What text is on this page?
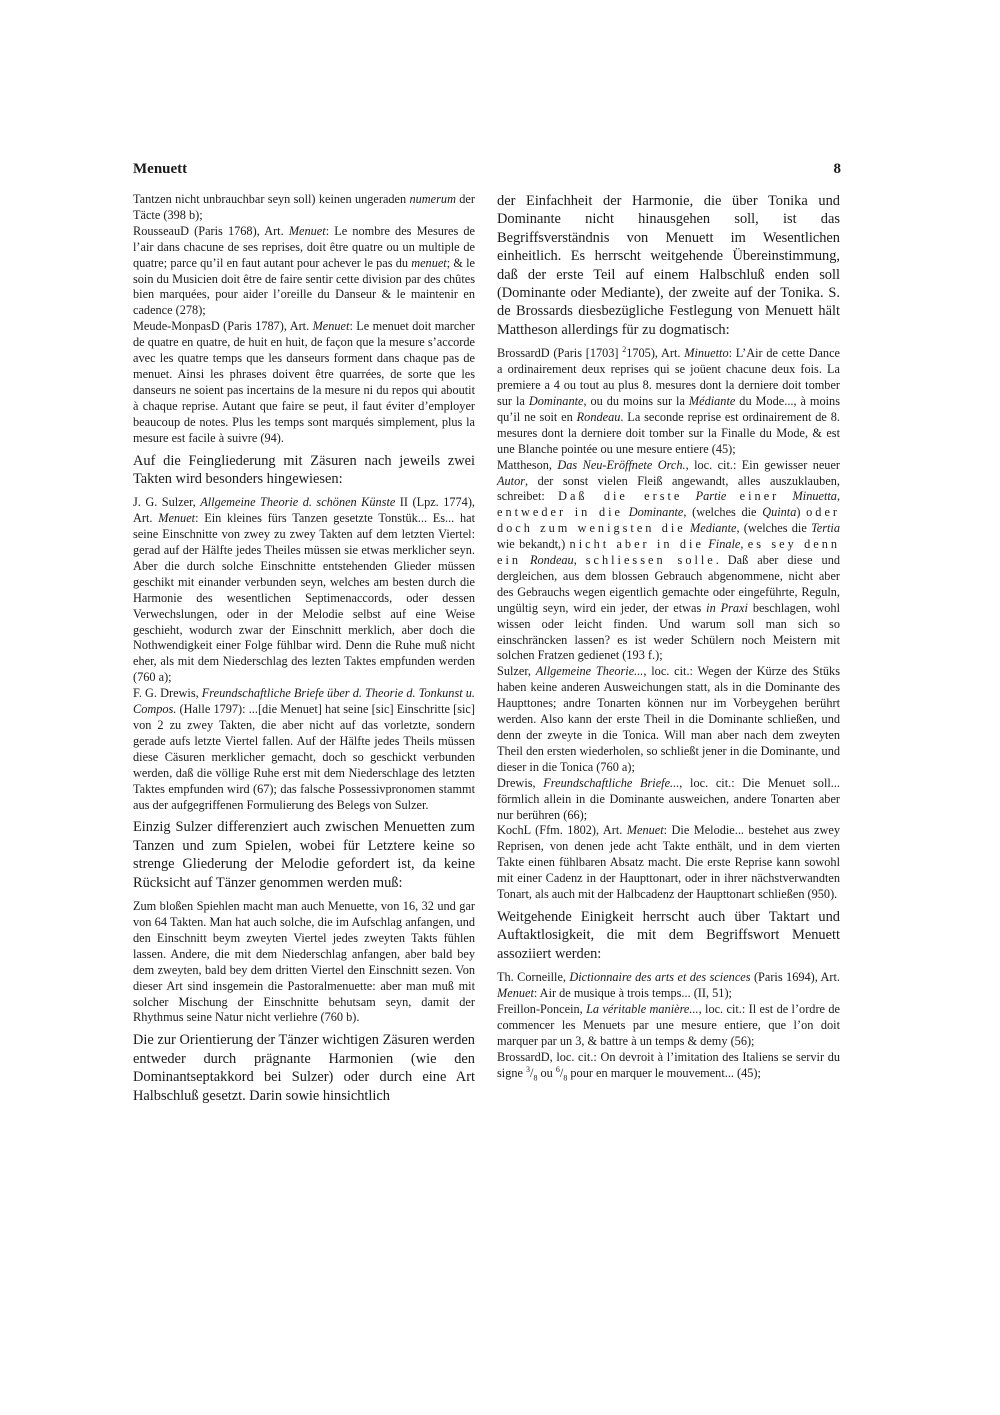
Menuett	8

Tantzen nicht unbrauchbar seyn soll) keinen ungeraden numerum der Täcte (398 b);

RousseauD (Paris 1768), Art. Menuet: Le nombre des Mesures de l’air dans chacune de ses reprises, doit être quatre ou un multiple de quatre; parce qu’il en faut autant pour achever le pas du menuet; & le soin du Musicien doit être de faire sentir cette division par des chûtes bien marquées, pour aider l’oreille du Danseur & le maintenir en cadence (278);

Meude-MonpasD (Paris 1787), Art. Menuet: Le menuet doit marcher de quatre en quatre, de huit en huit, de façon que la mesure s’accorde avec les quatre temps que les danseurs forment dans chaque pas de menuet. Ainsi les phrases doivent être quarrées, de sorte que les danseurs ne soient pas incertains de la mesure ni du repos qui aboutit à chaque reprise. Autant que faire se peut, il faut éviter d’employer beaucoup de notes. Plus les temps sont marqués simplement, plus la mesure est facile à suivre (94).

Auf die Feingliederung mit Zäsuren nach jeweils zwei Takten wird besonders hingewiesen:

J. G. Sulzer, Allgemeine Theorie d. schönen Künste II (Lpz. 1774), Art. Menuet: Ein kleines fürs Tanzen gesetzte Tonstük... Es... hat seine Einschnitte von zwey zu zwey Takten auf dem letzten Viertel: gerad auf der Hälfte jedes Theiles müssen sie etwas merklicher seyn. Aber die durch solche Einschnitte entstehenden Glieder müssen geschikt mit einander verbunden seyn, welches am besten durch die Harmonie des wesentlichen Septimenaccords, oder dessen Verwechslungen, oder in der Melodie selbst auf eine Weise geschieht, wodurch zwar der Einschnitt merklich, aber doch die Nothwendigkeit einer Folge fühlbar wird. Denn die Ruhe muß nicht eher, als mit dem Niederschlag des lezten Taktes empfunden werden (760 a);

F. G. Drewis, Freundschaftliche Briefe über d. Theorie d. Tonkunst u. Compos. (Halle 1797): ...[die Menuet] hat seine [sic] Einschritte [sic] von 2 zu zwey Takten, die aber nicht auf das vorletzte, sondern gerade aufs letzte Viertel fallen. Auf der Hälfte jedes Theils müssen diese Cäsuren merklicher gemacht, doch so geschickt verbunden werden, daß die völlige Ruhe erst mit dem Niederschlage des letzten Taktes empfunden wird (67); das falsche Possessivpronomen stammt aus der aufgegriffenen Formulierung des Belegs von Sulzer.

Einzig Sulzer differenziert auch zwischen Menuetten zum Tanzen und zum Spielen, wobei für Letztere keine so strenge Gliederung der Melodie gefordert ist, da keine Rücksicht auf Tänzer genommen werden muß:

Zum bloßen Spiehlen macht man auch Menuette, von 16, 32 und gar von 64 Takten. Man hat auch solche, die im Aufschlag anfangen, und den Einschnitt beym zweyten Viertel jedes zweyten Takts fühlen lassen. Andere, die mit dem Niederschlag anfangen, aber bald bey dem zweyten, bald bey dem dritten Viertel den Einschnitt sezen. Von dieser Art sind insgemein die Pastoralmenuette: aber man muß mit solcher Mischung der Einschnitte behutsam seyn, damit der Rhythmus seine Natur nicht verliehre (760 b).

Die zur Orientierung der Tänzer wichtigen Zäsuren werden entweder durch prägnante Harmonien (wie den Dominantseptakkord bei Sulzer) oder durch eine Art Halbschluß gesetzt. Darin sowie hinsichtlich

der Einfachheit der Harmonie, die über Tonika und Dominante nicht hinausgehen soll, ist das Begriffsverständnis von Menuett im Wesentlichen einheitlich. Es herrscht weitgehende Übereinstimmung, daß der erste Teil auf einem Halbschluß enden soll (Dominante oder Mediante), der zweite auf der Tonika. S. de Brossards diesbezügliche Festlegung von Menuett hält Mattheson allerdings für zu dogmatisch:

BrossardD (Paris [1703] $^2$1705), Art. Minuetto: L’Air de cette Dance a ordinairement deux reprises qui se joüent chacune deux fois. La premiere a 4 ou tout au plus 8. mesures dont la derniere doit tomber sur la Dominante, ou du moins sur la Médiante du Mode..., à moins qu’il ne soit en Rondeau. La seconde reprise est ordinairement de 8. mesures dont la derniere doit tomber sur la Finalle du Mode, & est une Blanche pointée ou une mesure entiere (45);

Mattheson, Das Neu-Eröffnete Orch., loc. cit.: Ein gewisser neuer Autor, der sonst vielen Fleiß angewandt, alles auszuklauben, schreibet: Daß die erste Partie einer Minuetta, entweder in die Dominante, (welches die Quinta) oder doch zum wenigsten die Mediante, (welches die Tertia wie bekandt,) nicht aber in die Finale, es sey denn ein Rondeau, schliessen solle. Daß aber diese und dergleichen, aus dem blossen Gebrauch abgenommene, nicht aber des Gebrauchs wegen eigentlich gemachte oder eingeführte, Reguln, ungültig seyn, wird ein jeder, der etwas in Praxi beschlagen, wohl wissen oder leicht finden. Und warum soll man sich so einschräncken lassen? es ist weder Schülern noch Meistern mit solchen Fratzen gedienet (193 f.);

Sulzer, Allgemeine Theorie..., loc. cit.: Wegen der Kürze des Stüks haben keine anderen Ausweichungen statt, als in die Dominante des Haupttones; andre Tonarten können nur im Vorbeygehen berührt werden. Also kann der erste Theil in die Dominante schließen, und denn der zweyte in die Tonica. Will man aber nach dem zweyten Theil den ersten wiederholen, so schließt jener in die Dominante, und dieser in die Tonica (760 a);

Drewis, Freundschaftliche Briefe..., loc. cit.: Die Menuet soll... förmlich allein in die Dominante ausweichen, andere Tonarten aber nur berühren (66);

KochL (Ffm. 1802), Art. Menuet: Die Melodie... bestehet aus zwey Reprisen, von denen jede acht Takte enthält, und in dem vierten Takte einen fühlbaren Absatz macht. Die erste Reprise kann sowohl mit einer Cadenz in der Haupttonart, oder in ihrer nächstverwandten Tonart, als auch mit der Halbcadenz der Haupttonart schließen (950).

Weitgehende Einigkeit herrscht auch über Taktart und Auftaktlosigkeit, die mit dem Begriffswort Menuett assoziiert werden:

Th. Corneille, Dictionnaire des arts et des sciences (Paris 1694), Art. Menuet: Air de musique à trois temps... (II, 51);

Freillon-Poncein, La véritable manière..., loc. cit.: Il est de l’ordre de commencer les Menuets par une mesure entiere, que l’on doit marquer par un 3, & battre à un temps & demy (56);

BrossardD, loc. cit.: On devroit à l’imitation des Italiens se servir du signe $^3/_8$ ou $^6/_8$ pour en marquer le mouvement... (45);
